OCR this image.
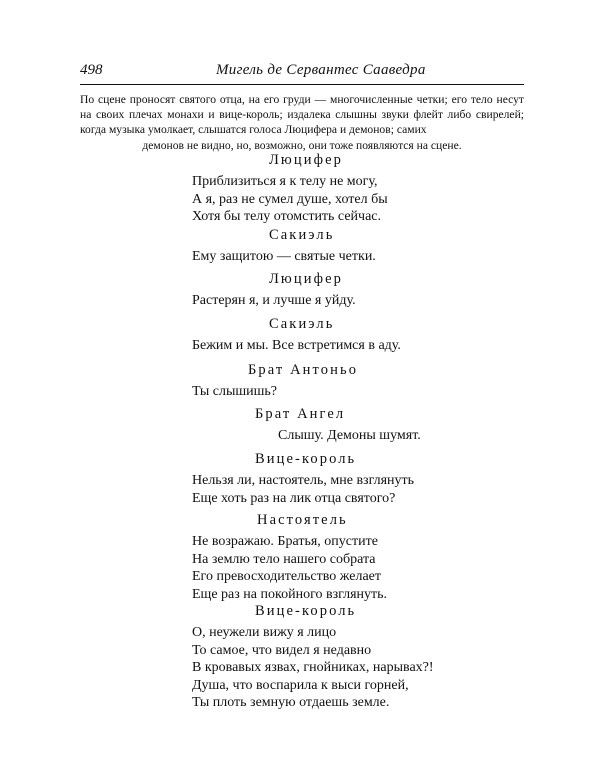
498	Мигель де Сервантес Сааведра
По сцене проносят святого отца, на его груди — многочисленные четки; его тело несут на своих плечах монахи и вице-король; издалека слышны звуки флейт либо свирелей; когда музыка умолкает, слышатся голоса Люцифера и демонов; самих
демонов не видно, но, возможно, они тоже появляются на сцене.
Люцифер
Приблизиться я к телу не могу,
А я, раз не сумел душе, хотел бы
Хотя бы телу отомстить сейчас.
Сакиэль
Ему защитою — святые четки.
Люцифер
Растерян я, и лучше я уйду.
Сакиэль
Бежим и мы. Все встретимся в аду.
Брат Антоньо
Ты слышишь?
Брат Ангел
Слышу. Демоны шумят.
Вице-король
Нельзя ли, настоятель, мне взглянуть
Еще хоть раз на лик отца святого?
Настоятель
Не возражаю. Братья, опустите
На землю тело нашего собрата
Его превосходительство желает
Еще раз на покойного взглянуть.
Вице-король
О, неужели вижу я лицо
То самое, что видел я недавно
В кровавых язвах, гнойниках, нарывах?!
Душа, что воспарила к выси горней,
Ты плоть земную отдаешь земле.
